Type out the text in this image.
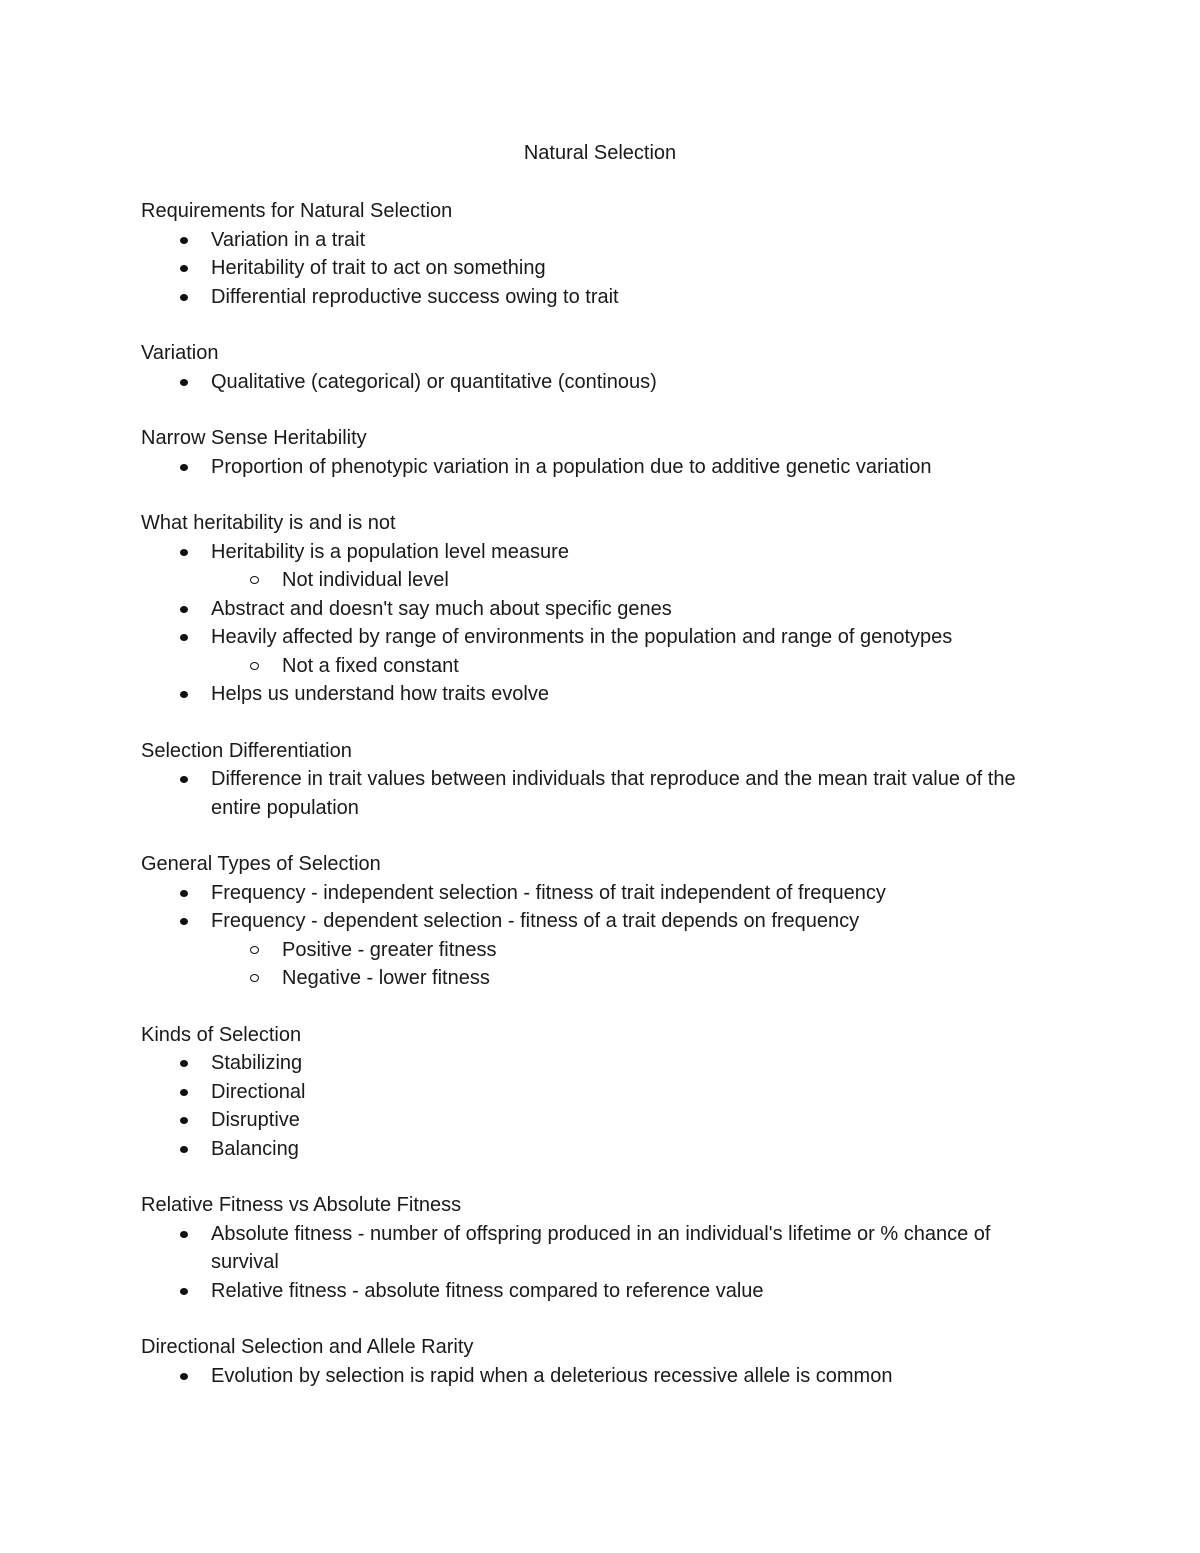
Natural Selection
Requirements for Natural Selection
Variation in a trait
Heritability of trait to act on something
Differential reproductive success owing to trait
Variation
Qualitative (categorical) or quantitative (continous)
Narrow Sense Heritability
Proportion of phenotypic variation in a population due to additive genetic variation
What heritability is and is not
Heritability is a population level measure
Not individual level
Abstract and doesn't say much about specific genes
Heavily affected by range of environments in the population and range of genotypes
Not a fixed constant
Helps us understand how traits evolve
Selection Differentiation
Difference in trait values between individuals that reproduce and the mean trait value of the entire population
General Types of Selection
Frequency - independent selection - fitness of trait independent of frequency
Frequency - dependent selection - fitness of a trait depends on frequency
Positive - greater fitness
Negative - lower fitness
Kinds of Selection
Stabilizing
Directional
Disruptive
Balancing
Relative Fitness vs Absolute Fitness
Absolute fitness - number of offspring produced in an individual's lifetime or % chance of survival
Relative fitness - absolute fitness compared to reference value
Directional Selection and Allele Rarity
Evolution by selection is rapid when a deleterious recessive allele is common
